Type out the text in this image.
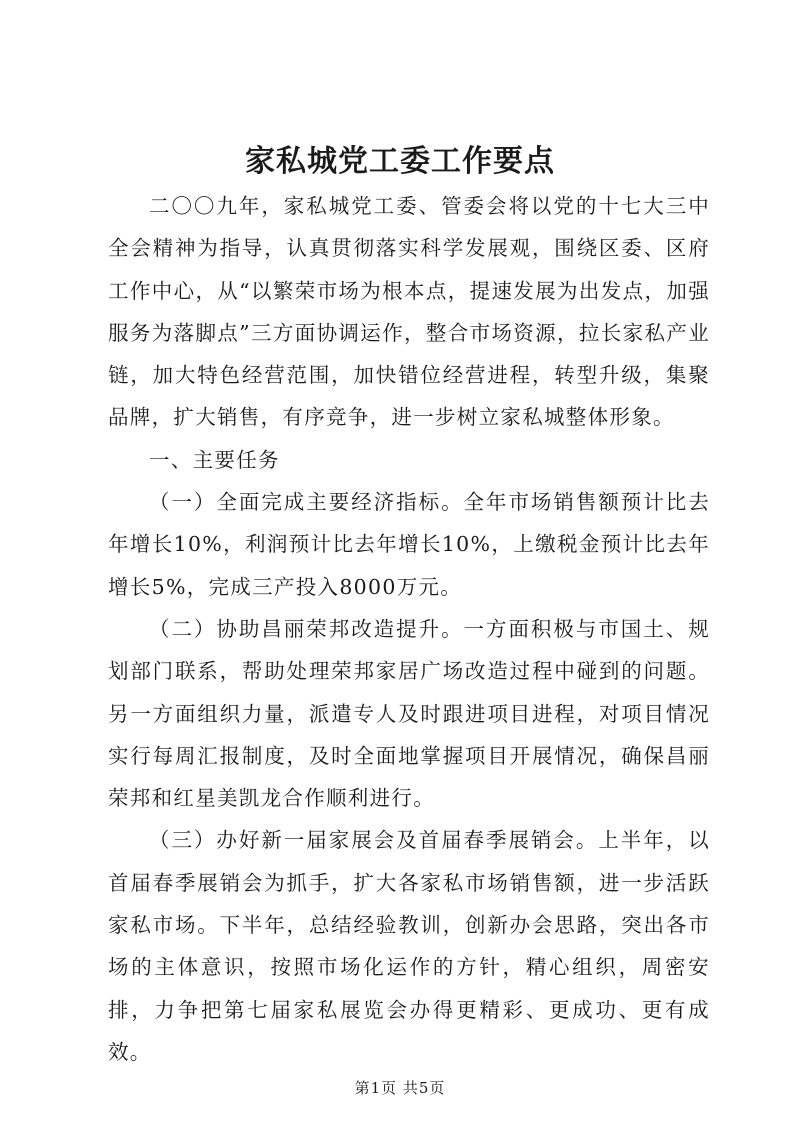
家私城党工委工作要点

二〇〇九年，家私城党工委、管委会将以党的十七大三中全会精神为指导，认真贯彻落实科学发展观，围绕区委、区府工作中心，从“以繁荣市场为根本点，提速发展为出发点，加强服务为落脚点”三方面协调运作，整合市场资源，拉长家私产业链，加大特色经营范围，加快错位经营进程，转型升级，集聚品牌，扩大销售，有序竞争，进一步树立家私城整体形象。

一、主要任务

（一）全面完成主要经济指标。全年市场销售额预计比去年增长10%，利润预计比去年增长10%，上缴税金预计比去年增长5%，完成三产投入8000万元。

（二）协助昌丽荣邦改造提升。一方面积极与市国土、规划部门联系，帮助处理荣邦家居广场改造过程中碰到的问题。另一方面组织力量，派遣专人及时跟进项目进程，对项目情况实行每周汇报制度，及时全面地掌握项目开展情况，确保昌丽荣邦和红星美凯龙合作顺利进行。

（三）办好新一届家展会及首届春季展销会。上半年，以首届春季展销会为抓手，扩大各家私市场销售额，进一步活跃家私市场。下半年，总结经验教训，创新办会思路，突出各市场的主体意识，按照市场化运作的方针，精心组织，周密安排，力争把第七届家私展览会办得更精彩、更成功、更有成效。

第1页 共5页
